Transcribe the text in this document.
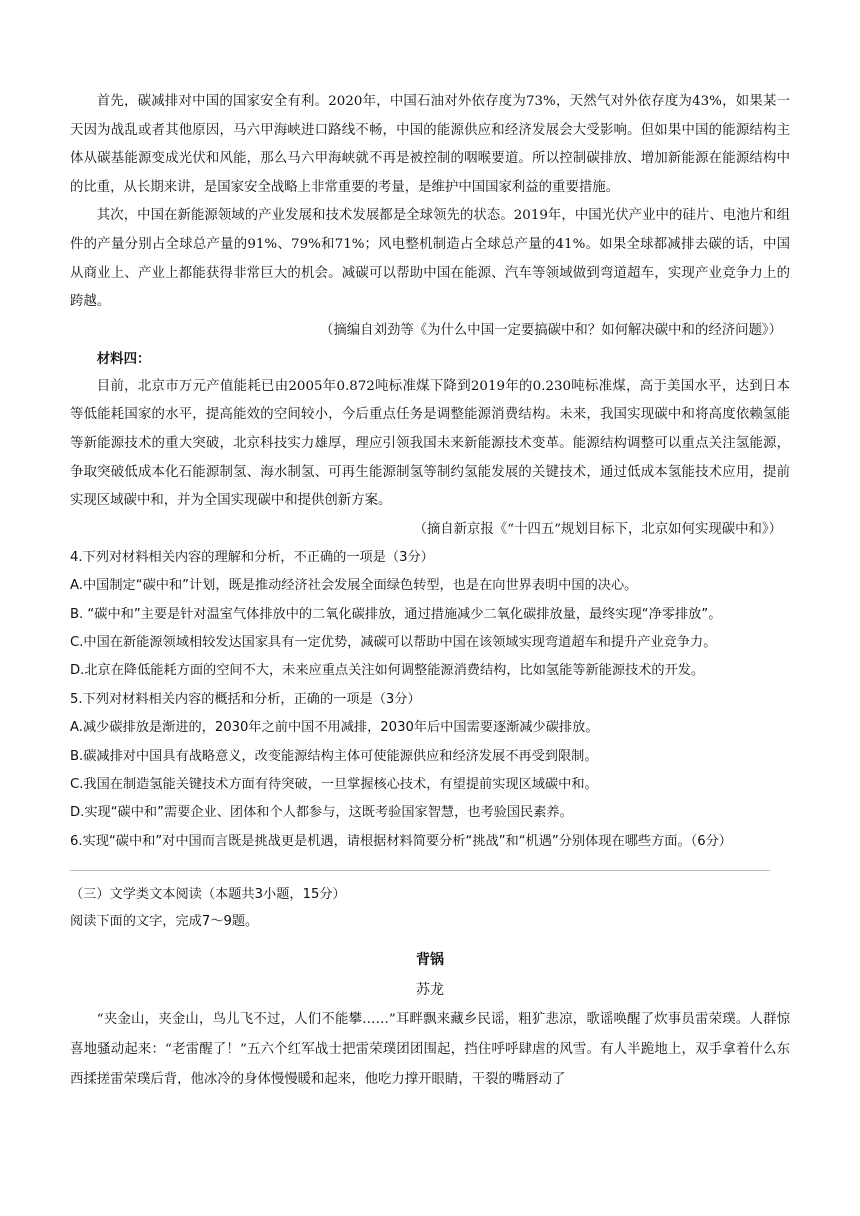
首先，碳减排对中国的国家安全有利。2020年，中国石油对外依存度为73%，天然气对外依存度为43%，如果某一天因为战乱或者其他原因，马六甲海峡进口路线不畅，中国的能源供应和经济发展会大受影响。但如果中国的能源结构主体从碳基能源变成光伏和风能，那么马六甲海峡就不再是被控制的咽喉要道。所以控制碳排放、增加新能源在能源结构中的比重，从长期来讲，是国家安全战略上非常重要的考量，是维护中国国家利益的重要措施。

其次，中国在新能源领域的产业发展和技术发展都是全球领先的状态。2019年，中国光伏产业中的硅片、电池片和组件的产量分别占全球总产量的91%、79%和71%；风电整机制造占全球总产量的41%。如果全球都减排去碳的话，中国从商业上、产业上都能获得非常巨大的机会。减碳可以帮助中国在能源、汽车等领域做到弯道超车，实现产业竞争力上的跨越。

（摘编自刘劲等《为什么中国一定要搞碳中和？如何解决碳中和的经济问题》）

材料四：

目前，北京市万元产值能耗已由2005年0.872吨标准煤下降到2019年的0.230吨标准煤，高于美国水平，达到日本等低能耗国家的水平，提高能效的空间较小，今后重点任务是调整能源消费结构。未来，我国实现碳中和将高度依赖氢能等新能源技术的重大突破，北京科技实力雄厚，理应引领我国未来新能源技术变革。能源结构调整可以重点关注氢能源，争取突破低成本化石能源制氢、海水制氢、可再生能源制氢等制约氢能发展的关键技术，通过低成本氢能技术应用，提前实现区域碳中和，并为全国实现碳中和提供创新方案。

（摘自新京报《“十四五”规划目标下，北京如何实现碳中和》）

4.下列对材料相关内容的理解和分析，不正确的一项是（3分）

A.中国制定“碳中和”计划，既是推动经济社会发展全面绿色转型，也是在向世界表明中国的决心。

B. “碳中和”主要是针对温室气体排放中的二氧化碳排放，通过措施减少二氧化碳排放量，最终实现“净零排放”。

C.中国在新能源领域相较发达国家具有一定优势，减碳可以帮助中国在该领域实现弯道超车和提升产业竞争力。

D.北京在降低能耗方面的空间不大，未来应重点关注如何调整能源消费结构，比如氢能等新能源技术的开发。

5.下列对材料相关内容的概括和分析，正确的一项是（3分）

A.减少碳排放是渐进的，2030年之前中国不用减排，2030年后中国需要逐渐减少碳排放。

B.碳减排对中国具有战略意义，改变能源结构主体可使能源供应和经济发展不再受到限制。

C.我国在制造氢能关键技术方面有待突破，一旦掌握核心技术，有望提前实现区域碳中和。

D.实现“碳中和”需要企业、团体和个人都参与，这既考验国家智慧，也考验国民素养。

6.实现“碳中和”对中国而言既是挑战更是机遇，请根据材料简要分析“挑战”和“机遇”分别体现在哪些方面。（6分）

（三）文学类文本阅读（本题共3小题，15分）

阅读下面的文字，完成7～9题。

背锅

苏龙

“夹金山，夹金山，鸟儿飞不过，人们不能攀……”耳畔飘来藏乡民谣，粗犷悲凉，歌谣唤醒了炊事员雷荣璞。人群惊喜地骚动起来：“老雷醒了！”五六个红军战士把雷荣璞团团围起，挡住呼呼肆虐的风雪。有人半跪地上，双手拿着什么东西揉搓雷荣璞后背，他冰冷的身体慢慢暖和起来，他吃力撑开眼睛，干裂的嘴唇动了
